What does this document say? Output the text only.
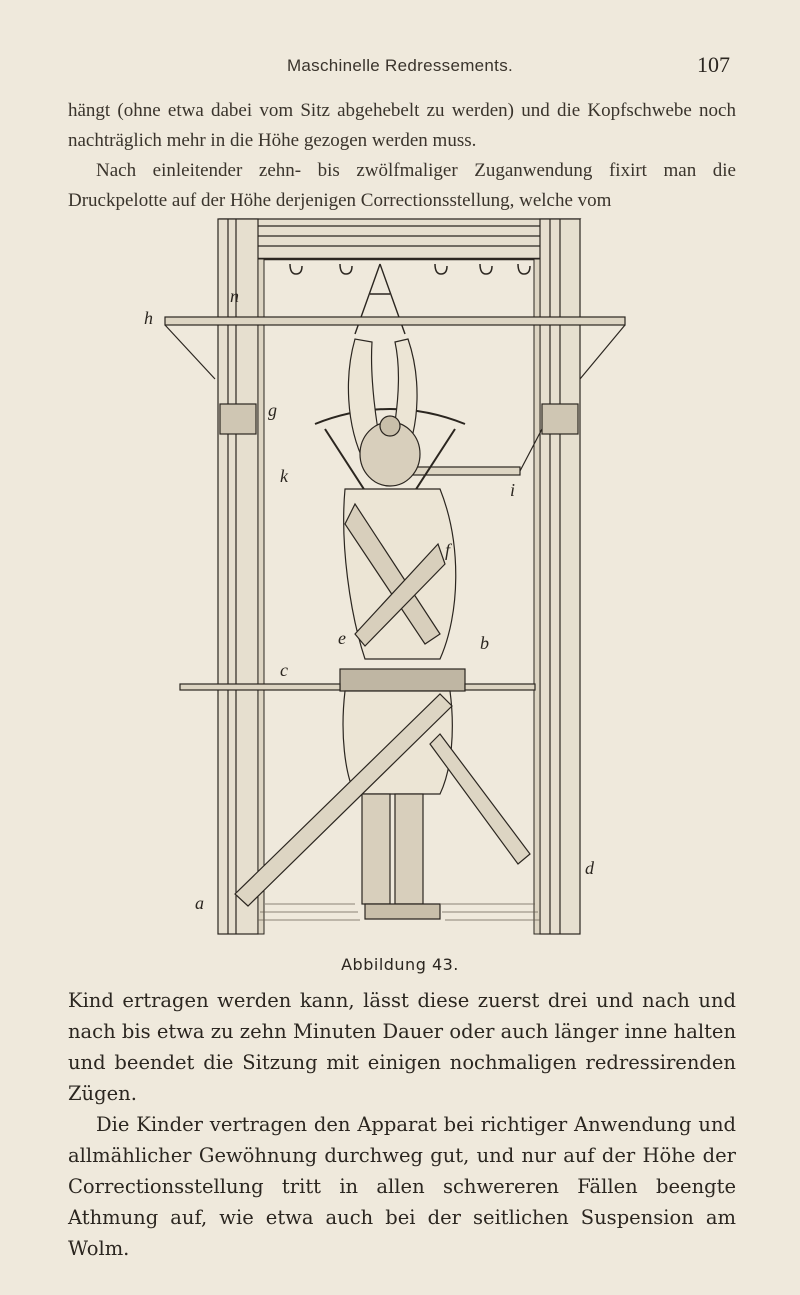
Maschinelle Redressements.	107

hängt (ohne etwa dabei vom Sitz abgehebelt zu werden) und die Kopfschwebe noch nachträglich mehr in die Höhe gezogen werden muss.

Nach einleitender zehn- bis zwölfmaliger Zuganwendung fixirt man die Druckpelotte auf der Höhe derjenigen Correctionsstellung, welche vom

n
h
g
k
i
f
e	b
c
a
d
Abbildung 43.

Kind ertragen werden kann, lässt diese zuerst drei und nach und nach bis etwa zu zehn Minuten Dauer oder auch länger inne halten und beendet die Sitzung mit einigen nochmaligen redressirenden Zügen.

Die Kinder vertragen den Apparat bei richtiger Anwendung und allmählicher Gewöhnung durchweg gut, und nur auf der Höhe der Correctionsstellung tritt in allen schwereren Fällen beengte Athmung auf, wie etwa auch bei der seitlichen Suspension am Wolm.
